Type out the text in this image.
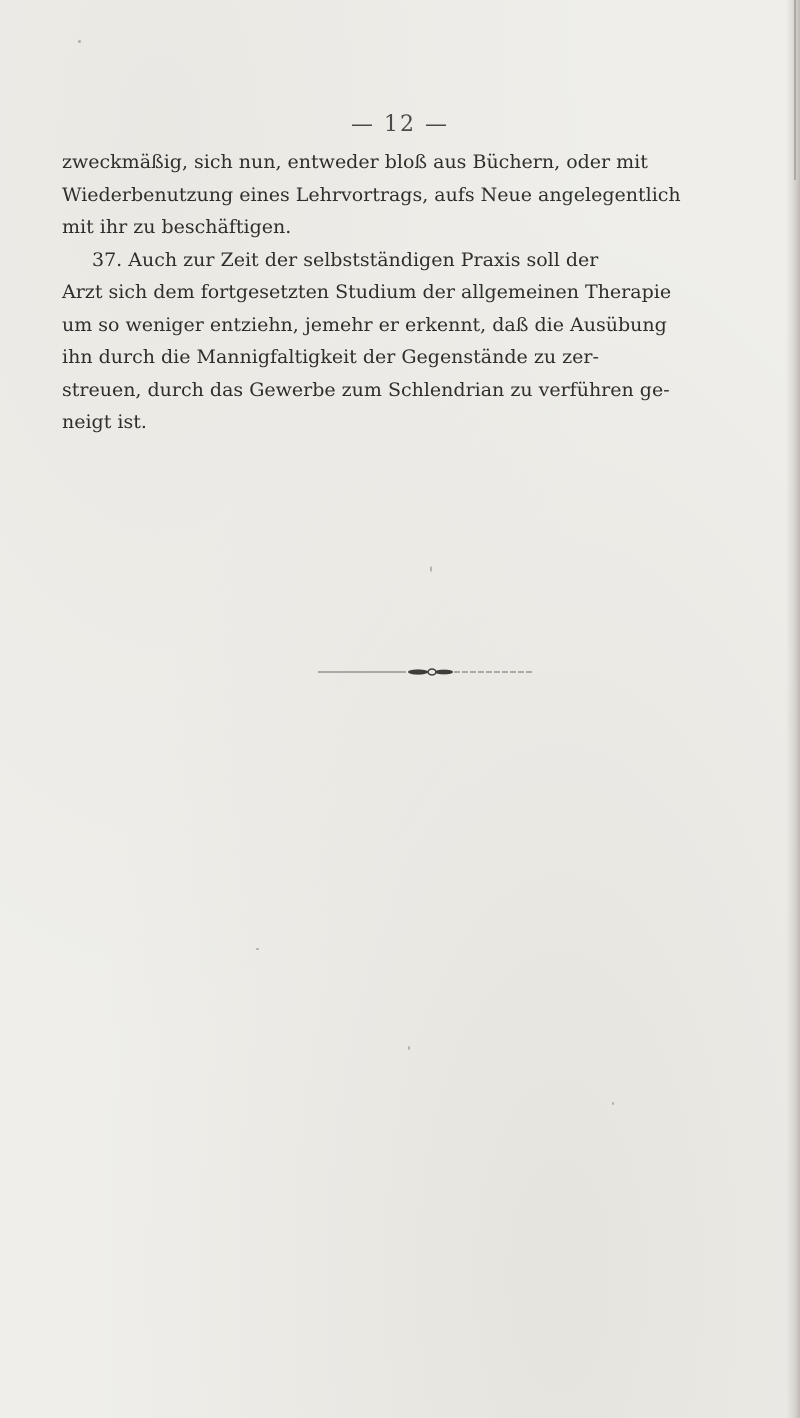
— 12 —

zweckmäßig, sich nun, entweder bloß aus Büchern, oder mit
Wiederbenutzung eines Lehrvortrags, aufs Neue angelegentlich
mit ihr zu beschäftigen.

37. Auch zur Zeit der selbstständigen Praxis soll der
Arzt sich dem fortgesetzten Studium der allgemeinen Therapie
um so weniger entziehn, jemehr er erkennt, daß die Ausübung
ihn durch die Mannigfaltigkeit der Gegenstände zu zer-
streuen, durch das Gewerbe zum Schlendrian zu verführen ge-
neigt ist.
